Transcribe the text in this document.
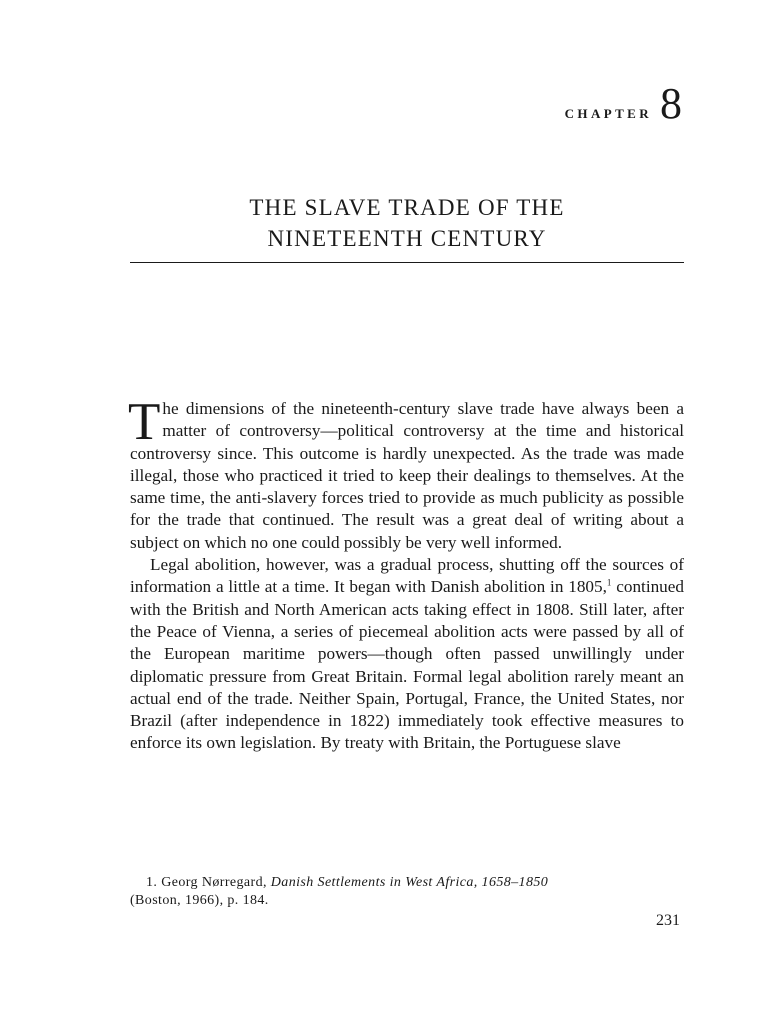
CHAPTER 8
THE SLAVE TRADE OF THE
NINETEENTH CENTURY

The dimensions of the nineteenth-century slave trade have always been a matter of controversy—political controversy at the time and historical controversy since. This outcome is hardly unexpected. As the trade was made illegal, those who practiced it tried to keep their dealings to themselves. At the same time, the anti-slavery forces tried to provide as much publicity as possible for the trade that continued. The result was a great deal of writing about a subject on which no one could possibly be very well informed.

Legal abolition, however, was a gradual process, shutting off the sources of information a little at a time. It began with Danish abolition in 1805,$^1$ continued with the British and North American acts taking effect in 1808. Still later, after the Peace of Vienna, a series of piecemeal abolition acts were passed by all of the European maritime powers—though often passed unwillingly under diplomatic pressure from Great Britain. Formal legal abolition rarely meant an actual end of the trade. Neither Spain, Portugal, France, the United States, nor Brazil (after independence in 1822) immediately took effective measures to enforce its own legislation. By treaty with Britain, the Portuguese slave

1. Georg Nørregard, Danish Settlements in West Africa, 1658–1850
(Boston, 1966), p. 184.
231
